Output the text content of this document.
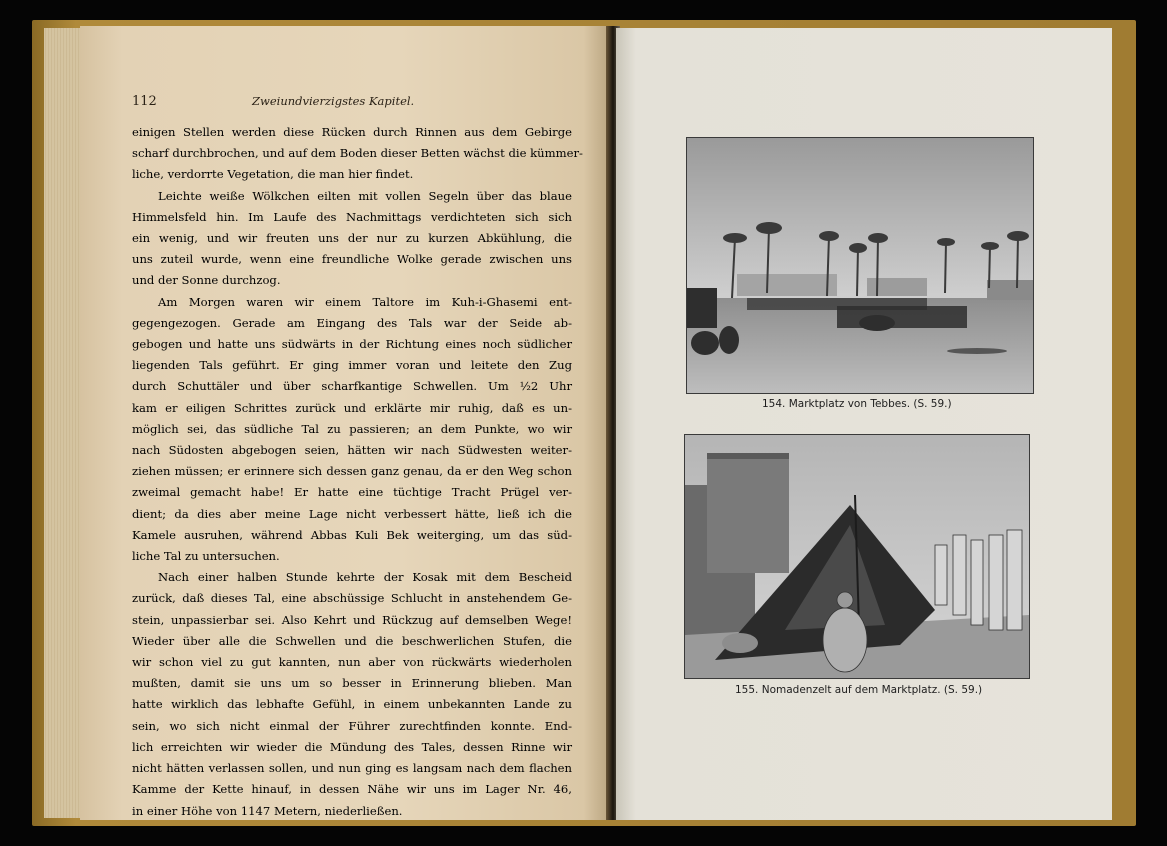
112	Zweiundvierzigstes Kapitel.
einigen Stellen werden diese Rücken durch Rinnen aus dem Gebirge
scharf durchbrochen, und auf dem Boden dieser Betten wächst die kümmer-
liche, verdorrte Vegetation, die man hier findet.
Leichte weiße Wölkchen eilten mit vollen Segeln über das blaue
Himmelsfeld hin. Im Laufe des Nachmittags verdichteten sich sich
ein wenig, und wir freuten uns der nur zu kurzen Abkühlung, die
uns zuteil wurde, wenn eine freundliche Wolke gerade zwischen uns
und der Sonne durchzog.
Am Morgen waren wir einem Taltore im Kuh-i-Ghasemi ent-
gegengezogen. Gerade am Eingang des Tals war der Seide ab-
gebogen und hatte uns südwärts in der Richtung eines noch südlicher
liegenden Tals geführt. Er ging immer voran und leitete den Zug
durch Schuttäler und über scharfkantige Schwellen. Um ½2 Uhr
kam er eiligen Schrittes zurück und erklärte mir ruhig, daß es un-
möglich sei, das südliche Tal zu passieren; an dem Punkte, wo wir
nach Südosten abgebogen seien, hätten wir nach Südwesten weiter-
ziehen müssen; er erinnere sich dessen ganz genau, da er den Weg schon
zweimal gemacht habe! Er hatte eine tüchtige Tracht Prügel ver-
dient; da dies aber meine Lage nicht verbessert hätte, ließ ich die
Kamele ausruhen, während Abbas Kuli Bek weiterging, um das süd-
liche Tal zu untersuchen.
Nach einer halben Stunde kehrte der Kosak mit dem Bescheid
zurück, daß dieses Tal, eine abschüssige Schlucht in anstehendem Ge-
stein, unpassierbar sei. Also Kehrt und Rückzug auf demselben Wege!
Wieder über alle die Schwellen und die beschwerlichen Stufen, die
wir schon viel zu gut kannten, nun aber von rückwärts wiederholen
mußten, damit sie uns um so besser in Erinnerung blieben. Man
hatte wirklich das lebhafte Gefühl, in einem unbekannten Lande zu
sein, wo sich nicht einmal der Führer zurechtfinden konnte. End-
lich erreichten wir wieder die Mündung des Tales, dessen Rinne wir
nicht hätten verlassen sollen, und nun ging es langsam nach dem flachen
Kamme der Kette hinauf, in dessen Nähe wir uns im Lager Nr. 46,
in einer Höhe von 1147 Metern, niederließen.
154. Marktplatz von Tebbes. (S. 59.)
155. Nomadenzelt auf dem Marktplatz. (S. 59.)
